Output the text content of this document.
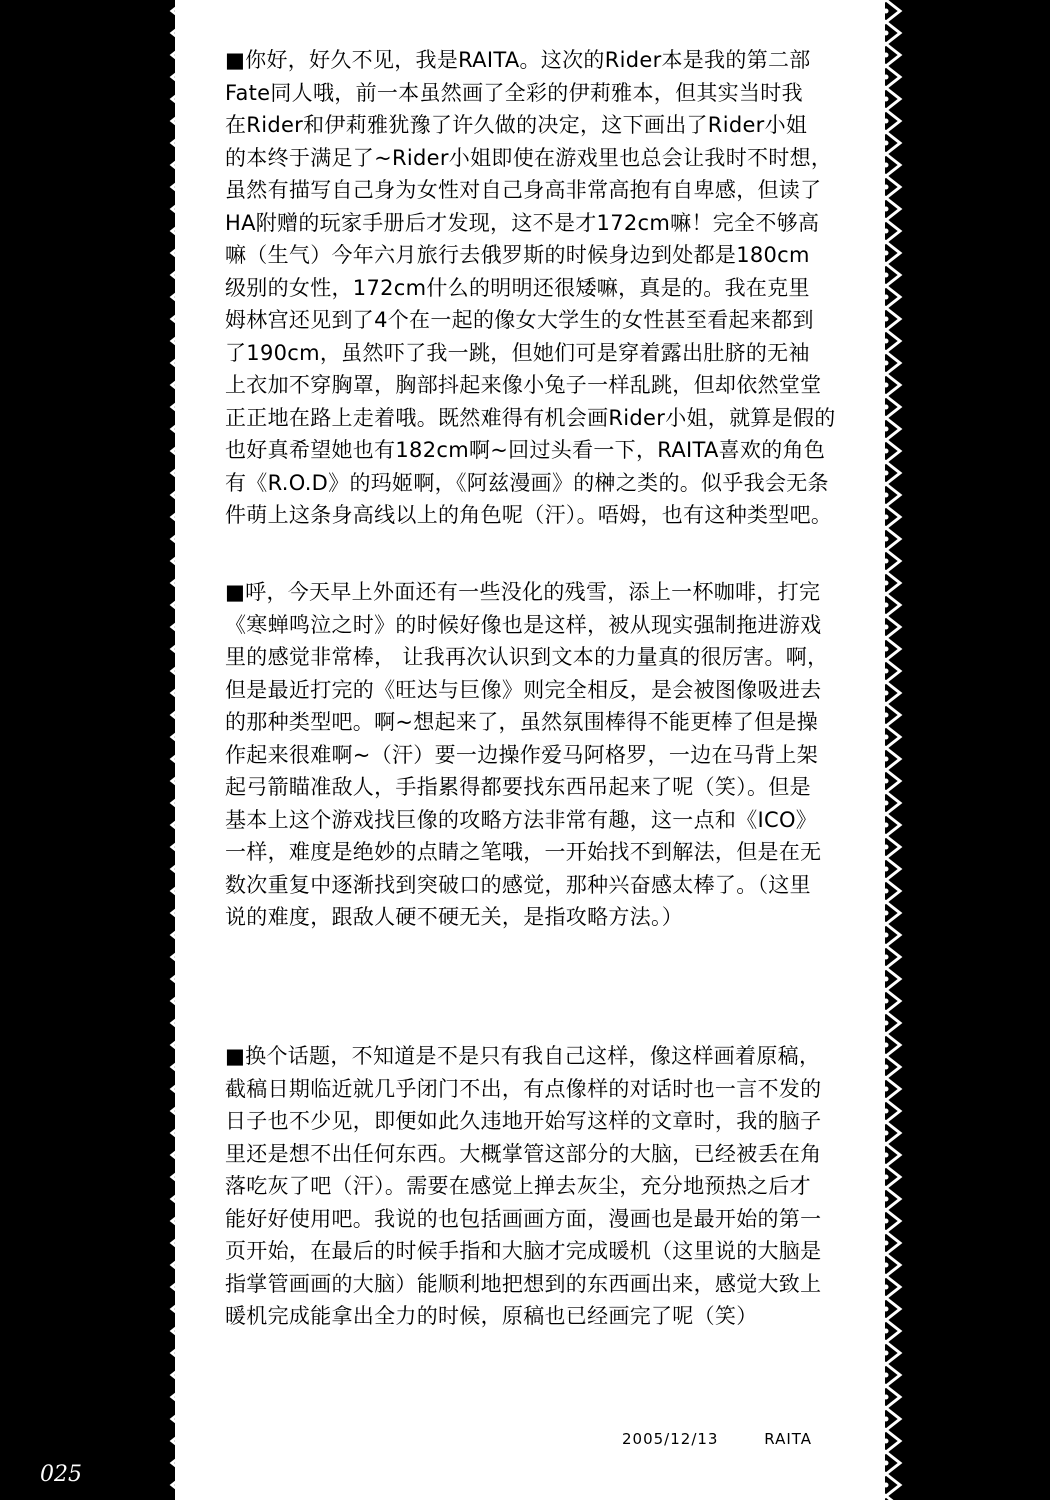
■你好，好久不见，我是RAITA。这次的Rider本是我的第二部

Fate同人哦，前一本虽然画了全彩的伊莉雅本，但其实当时我

在Rider和伊莉雅犹豫了许久做的决定，这下画出了Rider小姐

的本终于满足了~Rider小姐即使在游戏里也总会让我时不时想，

虽然有描写自己身为女性对自己身高非常高抱有自卑感，但读了

HA附赠的玩家手册后才发现，这不是才172cm嘛！完全不够高

嘛（生气）今年六月旅行去俄罗斯的时候身边到处都是180cm

级别的女性，172cm什么的明明还很矮嘛，真是的。我在克里

姆林宫还见到了4个在一起的像女大学生的女性甚至看起来都到

了190cm，虽然吓了我一跳，但她们可是穿着露出肚脐的无袖

上衣加不穿胸罩，胸部抖起来像小兔子一样乱跳，但却依然堂堂

正正地在路上走着哦。既然难得有机会画Rider小姐，就算是假的

也好真希望她也有182cm啊~回过头看一下，RAITA喜欢的角色

有《R.O.D》的玛姬啊，《阿兹漫画》的榊之类的。似乎我会无条

件萌上这条身高线以上的角色呢（汗）。唔姆，也有这种类型吧。

■呼，今天早上外面还有一些没化的残雪，添上一杯咖啡，打完

《寒蝉鸣泣之时》的时候好像也是这样，被从现实强制拖进游戏

里的感觉非常棒， 让我再次认识到文本的力量真的很厉害。啊，

但是最近打完的《旺达与巨像》则完全相反，是会被图像吸进去

的那种类型吧。啊~想起来了，虽然氛围棒得不能更棒了但是操

作起来很难啊~（汗）要一边操作爱马阿格罗，一边在马背上架

起弓箭瞄准敌人，手指累得都要找东西吊起来了呢（笑）。但是

基本上这个游戏找巨像的攻略方法非常有趣，这一点和《ICO》

一样，难度是绝妙的点睛之笔哦，一开始找不到解法，但是在无

数次重复中逐渐找到突破口的感觉，那种兴奋感太棒了。（这里

说的难度，跟敌人硬不硬无关，是指攻略方法。）

■换个话题，不知道是不是只有我自己这样，像这样画着原稿，

截稿日期临近就几乎闭门不出，有点像样的对话时也一言不发的

日子也不少见，即便如此久违地开始写这样的文章时，我的脑子

里还是想不出任何东西。大概掌管这部分的大脑，已经被丢在角

落吃灰了吧（汗）。需要在感觉上掸去灰尘，充分地预热之后才

能好好使用吧。我说的也包括画画方面，漫画也是最开始的第一

页开始，在最后的时候手指和大脑才完成暖机（这里说的大脑是

指掌管画画的大脑）能顺利地把想到的东西画出来，感觉大致上

暖机完成能拿出全力的时候，原稿也已经画完了呢（笑）

2005/12/13	RAITA
025
